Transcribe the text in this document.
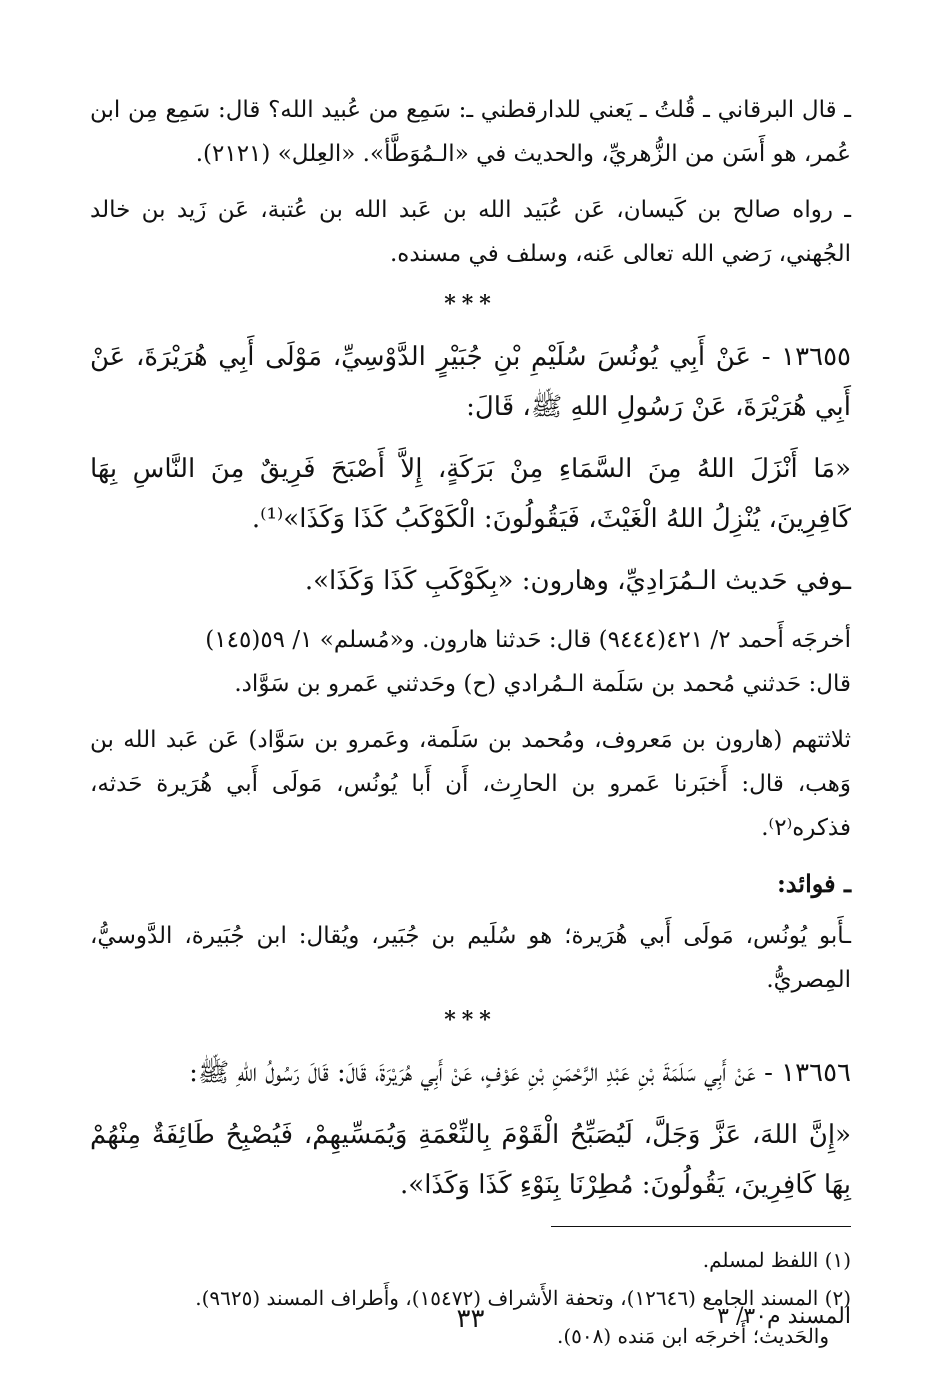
ـ قال البرقاني ـ قُلتُ ـ يَعني للدارقطني ـ: سَمِع من عُبيد الله؟ قال: سَمِع مِن ابن عُمر، هو أَسَن من الزُّهريِّ، والحديث في «الـمُوَطَّأ». «العِلل» (٢١٢١).

ـ رواه صالح بن كَيسان، عَن عُبَيد الله بن عَبد الله بن عُتبة، عَن زَيد بن خالد الجُهني، رَضي الله تعالى عَنه، وسلف في مسنده.

***

١٣٦٥٥ - عَنْ أَبِي يُونُسَ سُلَيْمِ بْنِ جُبَيْرٍ الدَّوْسِيِّ، مَوْلَى أَبِي هُرَيْرَةَ، عَنْ أَبِي هُرَيْرَةَ، عَنْ رَسُولِ اللهِ ﷺ، قَالَ:

«مَا أَنْزَلَ اللهُ مِنَ السَّمَاءِ مِنْ بَرَكَةٍ، إِلاَّ أَصْبَحَ فَرِيقٌ مِنَ النَّاسِ بِهَا كَافِرِينَ، يُنْزِلُ اللهُ الْغَيْثَ، فَيَقُولُونَ: الْكَوْكَبُ كَذَا وَكَذَا»⁽¹⁾.

ـوفي حَديث الـمُرَادِيِّ، وهارون: «بِكَوْكَبِ كَذَا وَكَذَا».

أخرجَه أَحمد ٢/ ٤٢١(٩٤٤٤) قال: حَدثنا هارون. و«مُسلم» ١/ ٥٩(١٤٥)

قال: حَدثني مُحمد بن سَلَمة الـمُرادي (ح) وحَدثني عَمرو بن سَوَّاد.

ثلاثتهم (هارون بن مَعروف، ومُحمد بن سَلَمة، وعَمرو بن سَوَّاد) عَن عَبد الله بن وَهب، قال: أَخبَرنا عَمرو بن الحارِث، أَن أَبا يُونُس، مَولَى أَبي هُرَيرة حَدثه، فذكره⁽٢⁾.

ـ فوائد:

ـأَبو يُونُس، مَولَى أَبي هُرَيرة؛ هو سُلَيم بن جُبَير، ويُقال: ابن جُبَيرة، الدَّوسيُّ، المِصريُّ.

***

١٣٦٥٦ - عَنْ أَبِي سَلَمَةَ بْنِ عَبْدِ الرَّحْمَنِ بْنِ عَوْفٍ، عَنْ أَبِي هُرَيْرَةَ، قَالَ: قَالَ رَسُولُ اللهِ ﷺ:

«إِنَّ اللهَ، عَزَّ وَجَلَّ، لَيُصَبِّحُ الْقَوْمَ بِالنِّعْمَةِ وَيُمَسِّيهِمْ، فَيُصْبِحُ طَائِفَةٌ مِنْهُمْ بِهَا كَافِرِينَ، يَقُولُونَ: مُطِرْنَا بِنَوْءِ كَذَا وَكَذَا».

(١) اللفظ لمسلم.

(٢) المسند الجامع (١٢٦٤٦)، وتحفة الأَشراف (١٥٤٧٢)، وأَطراف المسند (٩٦٢٥).

والحَديث؛ أَخرجَه ابن مَنده (٥٠٨).

المسند م٣٠/ ٣
٣٣
